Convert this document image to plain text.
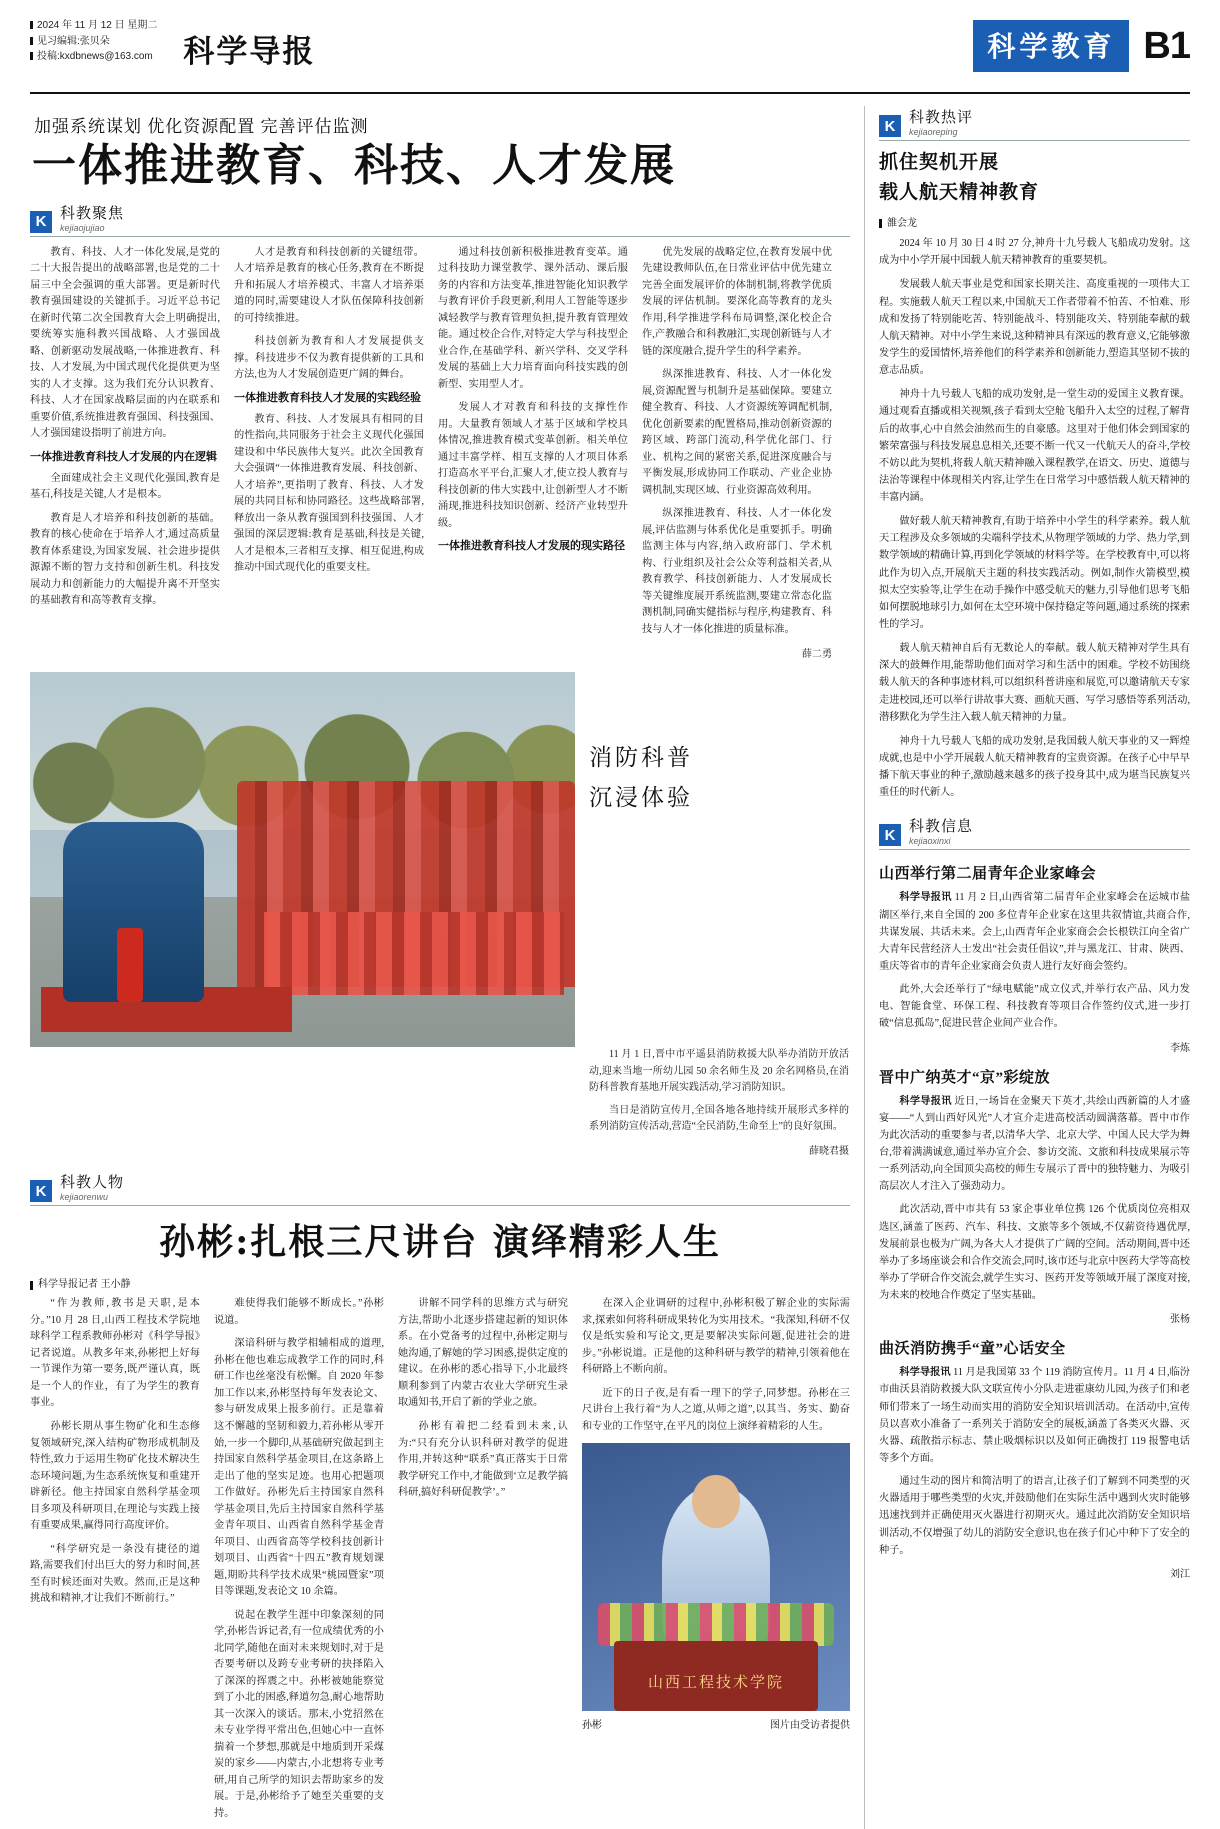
2024 年 11 月 12 日 星期二
见习编辑:张贝朵
投稿:kxdbnews@163.com 科学导报	科学教育 B1
加强系统谋划 优化资源配置 完善评估监测
一体推进教育、科技、人才发展
K 科教聚焦
kejiaojujiao

教育、科技、人才一体化发展,是党的二十大报告提出的战略部署,也是党的二十届三中全会强调的重大部署。更是新时代教育强国建设的关键抓手。习近平总书记在新时代第二次全国教育大会上明确提出,要统筹实施科教兴国战略、人才强国战略、创新驱动发展战略,一体推进教育、科技、人才发展,为中国式现代化提供更为坚实的人才支撑。这为我们充分认识教育、科技、人才在国家战略层面的内在联系和重要价值,系统推进教育强国、科技强国、人才强国建设指明了前进方向。

一体推进教育科技人才发展的内在逻辑

全面建成社会主义现代化强国,教育是基石,科技是关键,人才是根本。

教育是人才培养和科技创新的基础。教育的核心使命在于培养人才,通过高质量教育体系建设,为国家发展、社会进步提供源源不断的智力支持和创新生机。科技发展动力和创新能力的大幅提升离不开坚实的基础教育和高等教育支撑。

人才是教育和科技创新的关键纽带。人才培养是教育的核心任务,教育在不断提升和拓展人才培养模式、丰富人才培养渠道的同时,需要建设人才队伍保障科技创新的可持续推进。

科技创新为教育和人才发展提供支撑。科技进步不仅为教育提供新的工具和方法,也为人才发展创造更广阔的舞台。

一体推进教育科技人才发展的实践经验

教育、科技、人才发展具有相同的目的性指向,共同服务于社会主义现代化强国建设和中华民族伟大复兴。此次全国教育大会强调“一体推进教育发展、科技创新、人才培养”,更指明了教育、科技、人才发展的共同目标和协同路径。这些战略部署,释放出一条从教育强国到科技强国、人才强国的深层逻辑:教育是基础,科技是关键,人才是根本,三者相互支撑、相互促进,构成推动中国式现代化的重要支柱。

通过科技创新积极推进教育变革。通过科技助力课堂教学、课外活动、课后服务的内容和方法变革,推进智能化知识教学与教育评价手段更新,利用人工智能等逐步减轻教学与教育管理负担,提升教育管理效能。通过校企合作,对特定大学与科技型企业合作,在基础学科、新兴学科、交叉学科发展的基础上大力培育面向科技实践的创新型、实用型人才。

发展人才对教育和科技的支撑性作用。大量教育领域人才基于区域和学校具体情况,推进教育模式变革创新。相关单位通过丰富学样、相互支撑的人才项目体系打造高水平平台,汇聚人才,使立投人教育与科技创新的伟大实践中,让创新型人才不断涌现,推进科技知识创新、经济产业转型升级。

一体推进教育科技人才发展的现实路径

优先发展的战略定位,在教育发展中优先建设教师队伍,在日常业评估中优先建立完善全面发展评价的体制机制,将教学优质发展的评估机制。要深化高等教育的龙头作用,科学推进学科布局调整,深化校企合作,产教融合和科教融汇,实现创新链与人才链的深度融合,提升学生的科学素养。

纵深推进教育、科技、人才一体化发展,资源配置与机制升是基础保障。要建立健全教育、科技、人才资源统筹调配机制,优化创新要素的配置格局,推动创新资源的跨区域、跨部门流动,科学优化部门、行业、机构之间的紧密关系,促进深度融合与平衡发展,形成协同工作联动、产业企业协调机制,实现区域、行业资源高效利用。

纵深推进教育、科技、人才一体化发展,评估监测与体系优化是重要抓手。明确监测主体与内容,纳入政府部门、学术机构、行业组织及社会公众等利益相关者,从教育教学、科技创新能力、人才发展成长等关键维度展开系统监测,要建立常态化监测机制,同确实健指标与程序,构建教育、科技与人才一体化推进的质量标准。

薛二勇
消防科普
沉浸体验

11 月 1 日,晋中市平遥县消防救援大队举办消防开放活动,迎来当地一所幼儿园 50 余名师生及 20 余名网格员,在消防科普教育基地开展实践活动,学习消防知识。

当日是消防宣传月,全国各地各地持续开展形式多样的系列消防宣传活动,营造“全民消防,生命至上”的良好氛围。

薛晓君摄
K 科教人物
kejiaorenwu
孙彬:扎根三尺讲台 演绎精彩人生
科学导报记者 王小静

“作为教师,教书是天职,是本分。”10 月 28 日,山西工程技术学院地球科学工程系教师孙彬对《科学导报》记者说道。从教多年来,孙彬把上好每一节课作为第一要务,既严谨认真，既是一个人的作业，有了为学生的教育事业。

孙彬长期从事生物矿化和生态修复领域研究,深入结构矿物形成机制及特性,致力于运用生物矿化技术解决生态环境问题,为生态系统恢复和重建开辟新径。他主持国家自然科学基金项目多项及科研项目,在理论与实践上接有重要成果,赢得同行高度评价。

“科学研究是一条没有捷径的道路,需要我们付出巨大的努力和时间,甚至有时候还面对失败。然而,正是这种挑战和精神,才让我们不断前行。”

难使得我们能够不断成长。”孙彬说道。

深谙科研与教学相辅相成的道理,孙彬在他也难忘成教学工作的同时,科研工作也丝毫没有松懈。自 2020 年参加工作以来,孙彬坚持每年发表论文、参与研发成果上报多前行。正是靠着这不懈越的坚韧和毅力,若孙彬从零开始,一步一个脚印,从基础研究做起到主持国家自然科学基金项目,在这条路上走出了他的坚实足迹。也用心把题项工作做好。孙彬先后主持国家自然科学基金项目,先后主持国家自然科学基金青年项目、山西省自然科学基金青年项目、山西省高等学校科技创新计划项目、山西省“十四五”教育规划课题,期盼共科学技术成果“桃园暨家”项目等课题,发表论文 10 余篇。

说起在教学生涯中印象深刻的同学,孙彬告诉记者,有一位成绩优秀的小北同学,随他在面对未来规划时,对于是否要考研以及跨专业考研的抉择陷入了深深的挥震之中。孙彬被她能察觉到了小北的困惑,释道勿急,耐心地帮助其一次深入的谈话。那末,小党招然在未专业学得平常出色,但她心中一直怀揣着一个梦想,那就是中地质到开采煤炭的家乡——内蒙古,小北想将专业考研,用自己所学的知识去帮助家乡的发展。于是,孙彬给予了她至关重要的支持。

讲解不同学科的思维方式与研究方法,帮助小北逐步搭建起新的知识体系。在小党备考的过程中,孙彬定期与她沟通,了解她的学习困惑,提供定度的建议。在孙彬的悉心指导下,小北最终顺利参到了内蒙古农业大学研究生录取通知书,开启了新的学业之旅。

孙彬有着把二经看到未来,认为:“只有充分认识科研对教学的促进作用,并转这种“联系”真正落实于日常教学研究工作中,才能做到‘立足教学搞科研,搞好科研促教学’。”

在深入企业调研的过程中,孙彬积极了解企业的实际需求,探索如何将科研成果转化为实用技术。“我深知,科研不仅仅是纸实验和写论文,更是要解决实际问题,促进社会的进步。”孙彬说道。正是他的这种科研与教学的精神,引领着他在科研路上不断向前。

近下的日子夜,是有看一理下的学子,同梦想。孙彬在三尺讲台上我行着“为人之道,从师之道”,以其当、务实、勤奋和专业的工作坚守,在平凡的岗位上演绎着精彩的人生。

山西工程技术学院
孙彬	图片由受访者提供
K 科教热评
kejiaoreping
抓住契机开展
载人航天精神教育
雒会龙

2024 年 10 月 30 日 4 时 27 分,神舟十九号载人飞船成功发射。这成为中小学开展中国载人航天精神教育的重要契机。

发展载人航天事业是党和国家长期关注、高度重视的一项伟大工程。实施载人航天工程以来,中国航天工作者带着不怕苦、不怕难、形成和发扬了特别能吃苦、特别能战斗、特别能攻关、特别能奉献的载人航天精神。对中小学生来说,这种精神具有深远的教育意义,它能够激发学生的爱国情怀,培养他们的科学素养和创新能力,塑造其坚韧不拔的意志品质。

神舟十九号载人飞船的成功发射,是一堂生动的爱国主义教育课。通过观看直播或相关视频,孩子看到太空舱飞船升入太空的过程,了解背后的故事,心中自然会油然而生的自豪感。这里对于他们体会到国家的繁荣富强与科技发展息息相关,还要不断一代又一代航天人的奋斗,学校不妨以此为契机,将载人航天精神融入课程教学,在语文、历史、道德与法治等课程中体现相关内容,让学生在日常学习中感悟载人航天精神的丰富内涵。

做好载人航天精神教育,有助于培养中小学生的科学素养。载人航天工程涉及众多领域的尖端科学技术,从物理学领域的力学、热力学,到数学领域的精确计算,再到化学领域的材料学等。在学校教育中,可以将此作为切入点,开展航天主题的科技实践活动。例如,制作火箭模型,模拟太空实验等,让学生在动手操作中感受航天的魅力,引导他们思考飞船如何摆脱地球引力,如何在太空环境中保持稳定等问题,通过系统的探索性的学习。

载人航天精神自后有无数论人的奉献。载人航天精神对学生具有深大的鼓舞作用,能帮助他们面对学习和生活中的困难。学校不妨围绕载人航天的各种事迹材料,可以组织科普讲座和展览,可以邀请航天专家走进校园,还可以举行讲故事大赛、画航天画、写学习感悟等系列活动,潜移默化为学生注入载人航天精神的力量。

神舟十九号载人飞船的成功发射,是我国载人航天事业的又一辉煌成就,也是中小学开展载人航天精神教育的宝贵资源。在孩子心中早早播下航天事业的种子,激励越来越多的孩子投身其中,成为堪当民族复兴重任的时代新人。

K 科教信息
kejiaoxinxi
山西举行第二届青年企业家峰会

科学导报讯 11 月 2 日,山西省第二届青年企业家峰会在运城市盐湖区举行,来自全国的 200 多位青年企业家在这里共叙情谊,共商合作,共谋发展、共话未来。会上,山西青年企业家商会会长根铁江向全省广大青年民营经济人士发出“社会责任倡议”,并与黑龙江、甘肃、陕西、重庆等省市的青年企业家商会负责人进行友好商会签约。

此外,大会还举行了“绿电赋能”成立仪式,并举行农产品、风力发电、智能食堂、环保工程、科技教育等项目合作签约仪式,进一步打破“信息孤岛”,促进民营企业间产业合作。

李炼
晋中广纳英才“京”彩绽放

科学导报讯 近日,一场旨在金聚天下英才,共绘山西新篇的人才盛宴——“人到山西好风光”人才宣介走进高校活动圆满落幕。晋中市作为此次活动的重要参与者,以清华大学、北京大学、中国人民大学为舞台,带着满满诚意,通过举办宣介会、参访交流、文旅和科技成果展示等一系列活动,向全国顶尖高校的师生专展示了晋中的独特魅力、为吸引高层次人才注入了强劲动力。

此次活动,晋中市共有 53 家企事业单位携 126 个优质岗位亮相双选区,涵盖了医药、汽车、科技、文旅等多个领域,不仅薪资待遇优厚,发展前景也极为广阔,为各大人才提供了广阔的空间。活动期间,晋中还举办了多场座谈会和合作交流会,同时,该市还与北京中医药大学等高校举办了学研合作交流会,就学生实习、医药开发等领域开展了深度对接,为未来的校地合作奠定了坚实基础。

张杨
曲沃消防携手“童”心话安全

科学导报讯 11 月是我国第 33 个 119 消防宣传月。11 月 4 日,临汾市曲沃县消防救援大队文联宣传小分队走进霍康幼儿园,为孩子们和老师们带来了一场生动而实用的消防安全知识培训活动。在活动中,宣传员以喜欢小准备了一系列关于消防安全的展板,涵盖了各类灭火器、灭火器、疏散指示标志、禁止吸烟标识以及如何正确拨打 119 报警电话等多个方面。

通过生动的图片和简洁明了的语言,让孩子们了解到不同类型的灭火器适用于哪些类型的火灾,并鼓励他们在实际生活中遇到火灾时能够迅速找到并正确使用灭火器进行初期灭火。通过此次消防安全知识培训活动,不仅增强了幼儿的消防安全意识,也在孩子们心中种下了安全的种子。

刘江
